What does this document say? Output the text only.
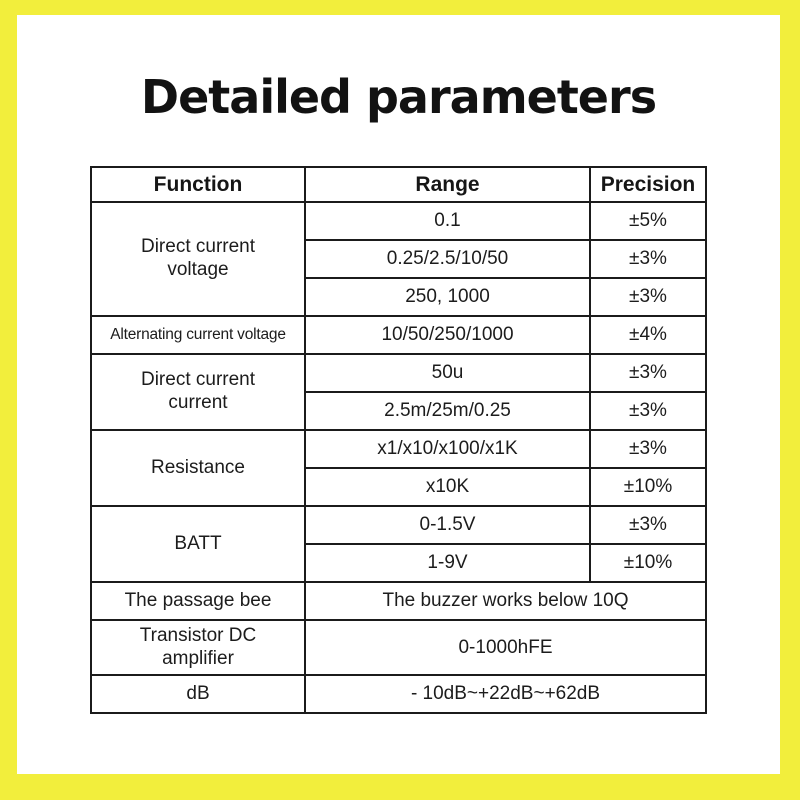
Detailed parameters
Function	Range	Precision
Direct current
voltage	0.1	±5%
	0.25/2.5/10/50	±3%
	250, 1000	±3%
Alternating current voltage	10/50/250/1000	±4%
Direct current
current	50u	±3%
	2.5m/25m/0.25	±3%
Resistance	x1/x10/x100/x1K	±3%
	x10K	±10%
BATT	0-1.5V	±3%
	1-9V	±10%
The passage bee	The buzzer works below 10Q	
Transistor DC
amplifier	0-1000hFE	
dB	- 10dB~+22dB~+62dB	
